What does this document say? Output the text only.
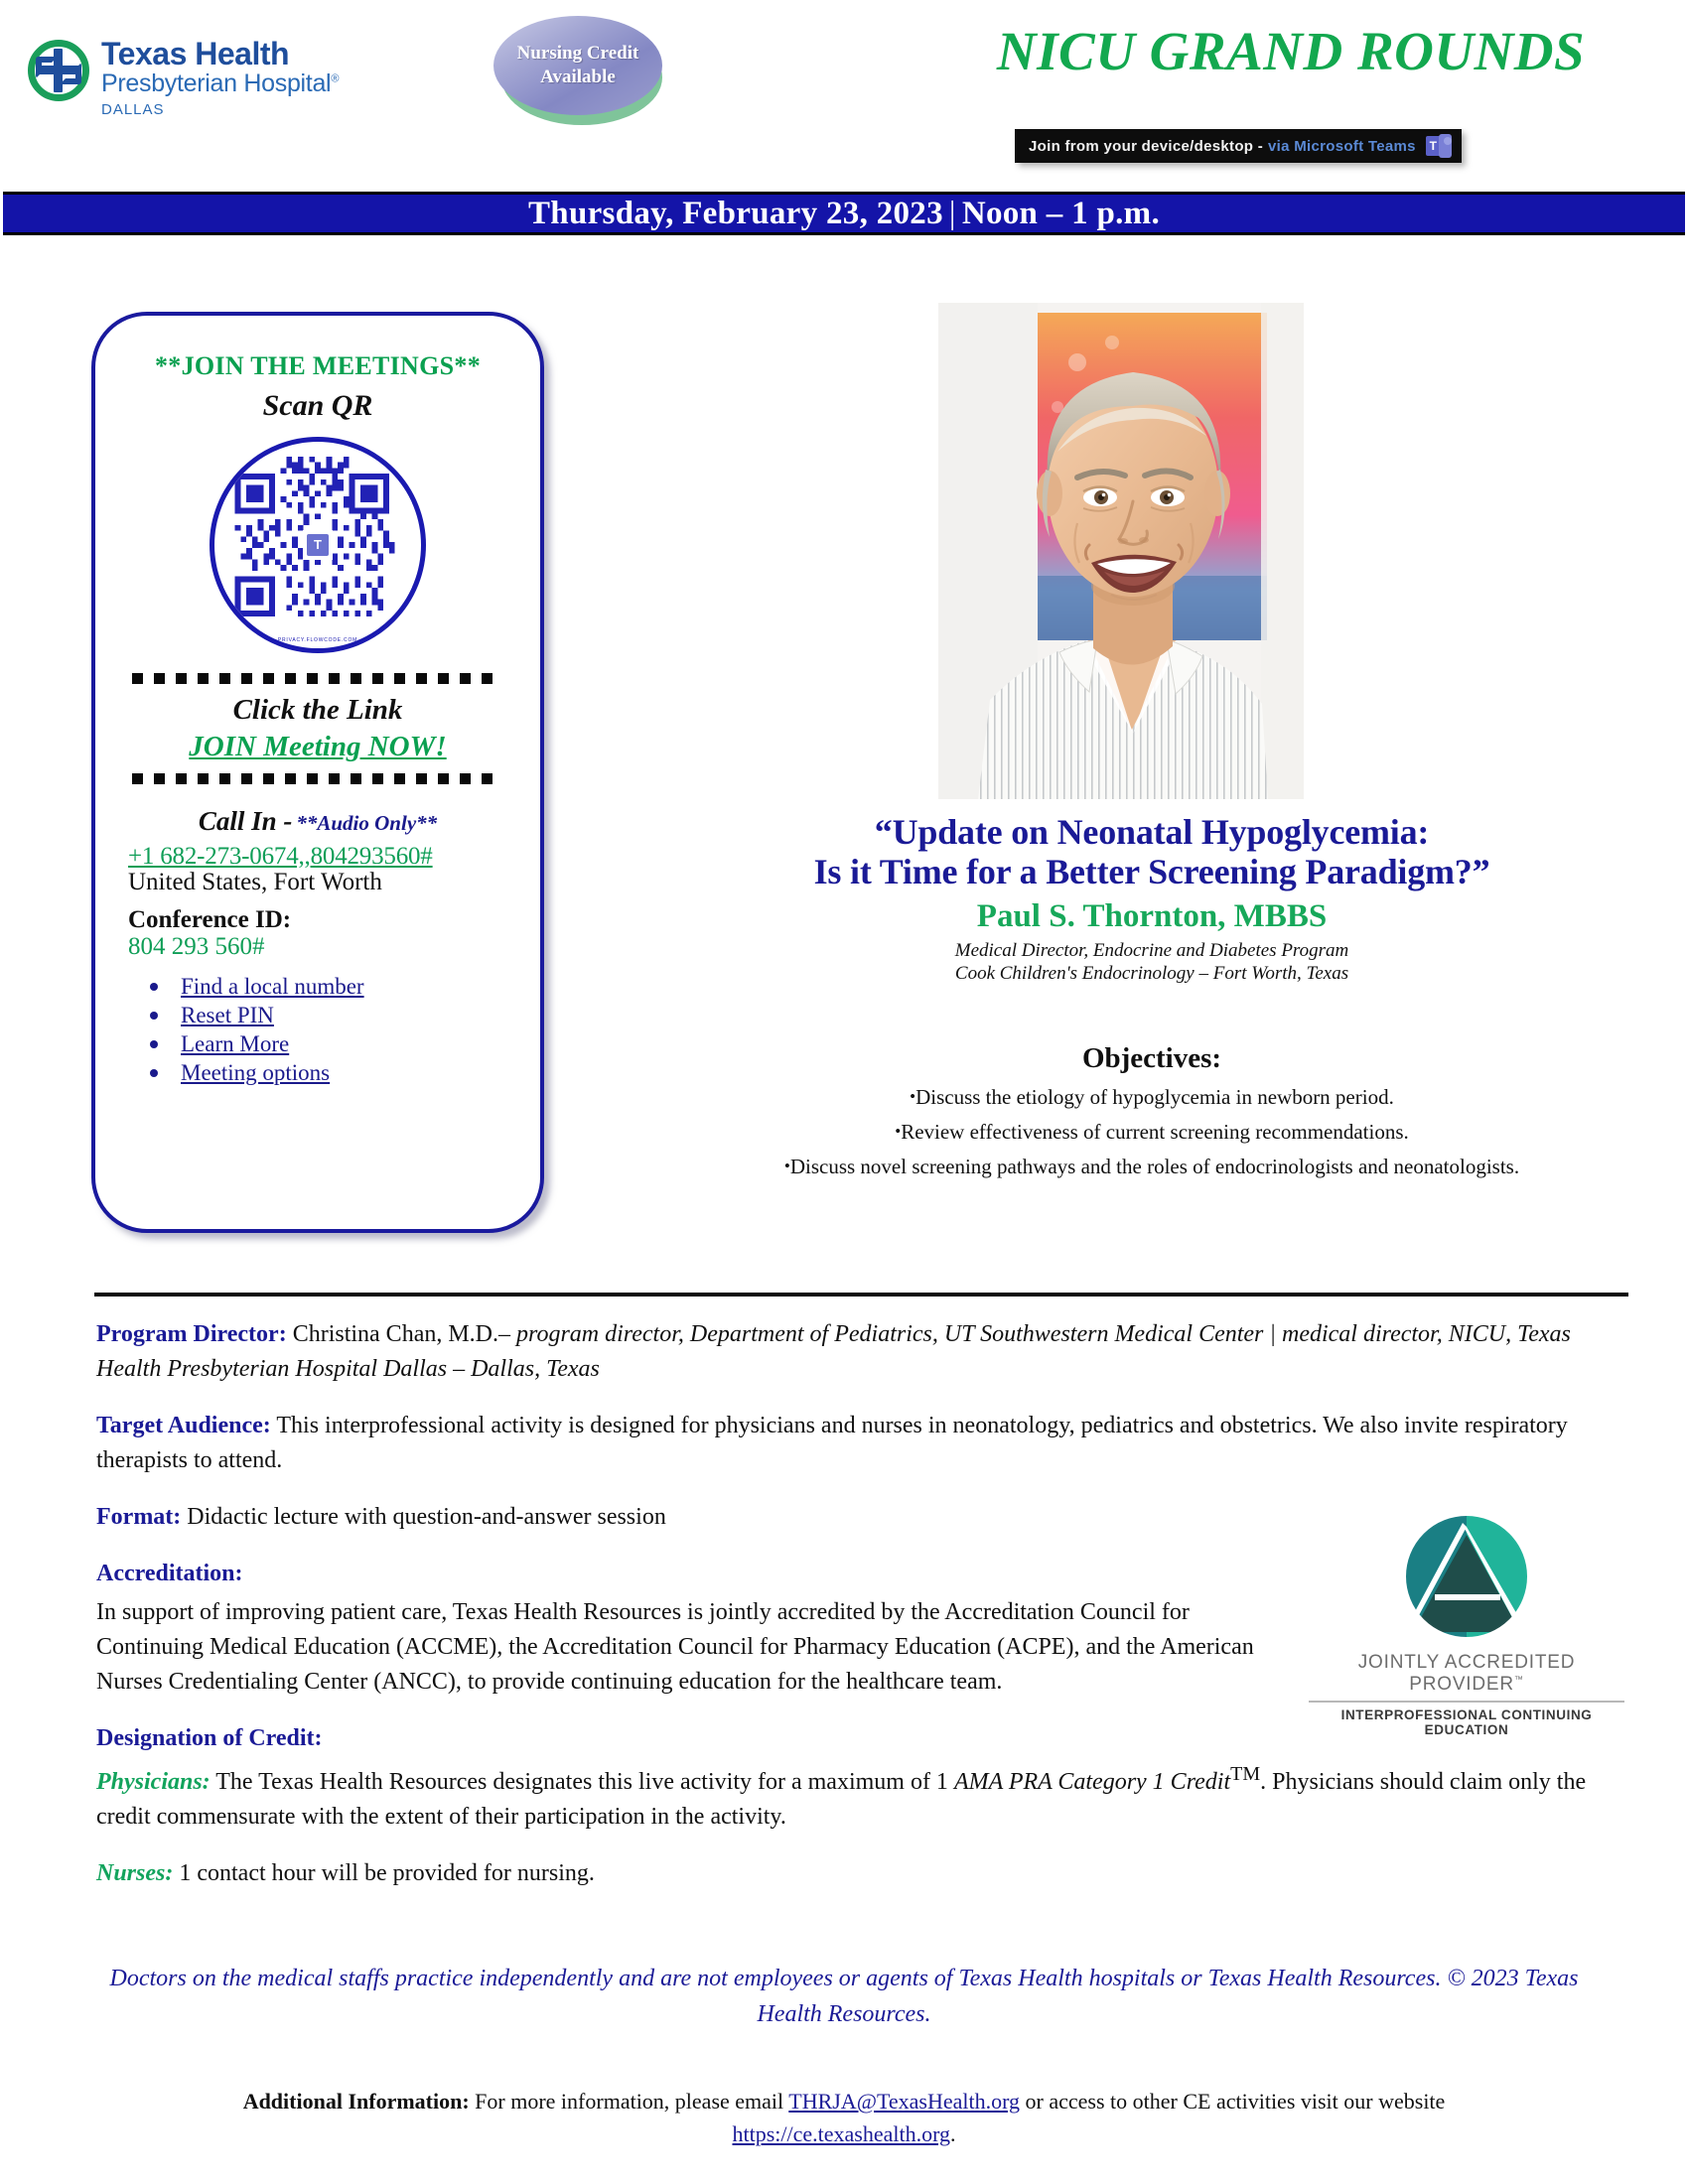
Texas Health
Presbyterian Hospital®
DALLAS
Nursing Credit
Available	NICU GRAND ROUNDS
Join from your device/desktop - via Microsoft Teams	T
Thursday, February 23, 2023 | Noon – 1 p.m.
**JOIN THE MEETINGS**
Scan QR
T
PRIVACY.FLOWCODE.COM
Click the Link
JOIN Meeting NOW!
Call In - **Audio Only**
+1 682-273-0674,,804293560#
United States, Fort Worth
Conference ID:
804 293 560#
Find a local number
Reset PIN
Learn More
Meeting options
“Update on Neonatal Hypoglycemia:
Is it Time for a Better Screening Paradigm?”
Paul S. Thornton, MBBS
Medical Director, Endocrine and Diabetes Program
Cook Children's Endocrinology – Fort Worth, Texas
Objectives:
•Discuss the etiology of hypoglycemia in newborn period.
•Review effectiveness of current screening recommendations.
•Discuss novel screening pathways and the roles of endocrinologists and neonatologists.

Program Director: Christina Chan, M.D.– program director, Department of Pediatrics, UT Southwestern Medical Center | medical director, NICU, Texas Health Presbyterian Hospital Dallas – Dallas, Texas

Target Audience: This interprofessional activity is designed for physicians and nurses in neonatology, pediatrics and obstetrics. We also invite respiratory therapists to attend.

Format: Didactic lecture with question-and-answer session

Accreditation:

In support of improving patient care, Texas Health Resources is jointly accredited by the Accreditation Council for Continuing Medical Education (ACCME), the Accreditation Council for Pharmacy Education (ACPE), and the American Nurses Credentialing Center (ANCC), to provide continuing education for the healthcare team.

Designation of Credit:

Physicians: The Texas Health Resources designates this live activity for a maximum of 1 AMA PRA Category 1 Credit™. Physicians should claim only the credit commensurate with the extent of their participation in the activity.

Nurses: 1 contact hour will be provided for nursing.

JOINTLY ACCREDITED PROVIDER™
INTERPROFESSIONAL CONTINUING EDUCATION
Doctors on the medical staffs practice independently and are not employees or agents of Texas Health hospitals or Texas Health Resources. © 2023 Texas Health Resources.
Additional Information: For more information, please email THRJA@TexasHealth.org or access to other CE activities visit our website https://ce.texashealth.org.
